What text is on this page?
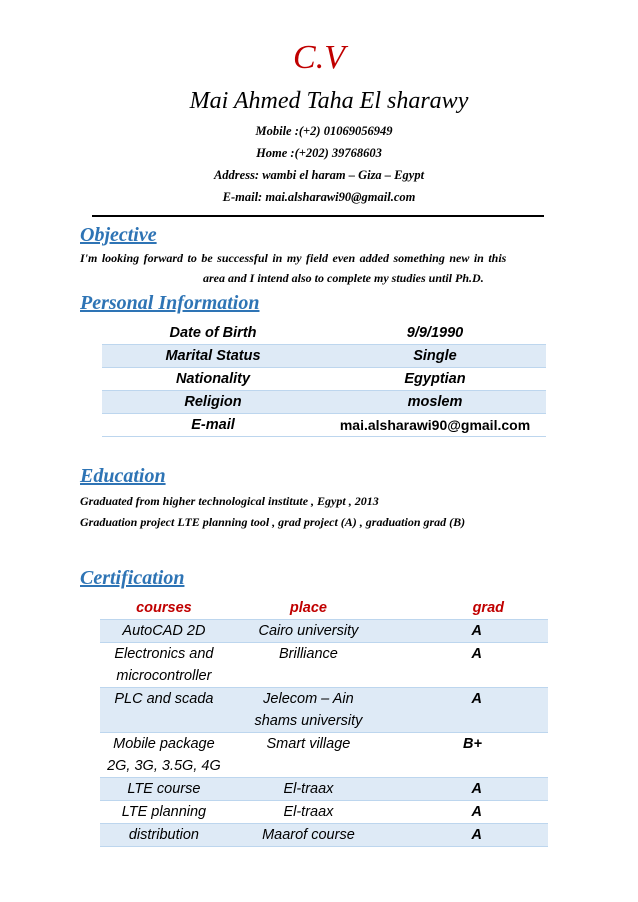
C.V
Mai Ahmed Taha El sharawy
Mobile :(+2) 01069056949
Home :(+202) 39768603
Address: wambi el haram – Giza – Egypt
E-mail: mai.alsharawi90@gmail.com
Objective
I'm looking forward to be successful in my field even added something new in this
area and I intend also to complete my studies until Ph.D.
Personal Information
Date of Birth	9/9/1990
Marital Status	Single
Nationality	Egyptian
Religion	moslem
E-mail	mai.alsharawi90@gmail.com
Education
Graduated from higher technological institute , Egypt , 2013
Graduation project LTE planning tool , grad project (A) , graduation grad (B)
Certification
courses	place	grad
AutoCAD 2D	Cairo university	A
Electronics and microcontroller	Brilliance	A
PLC and scada	Jelecom – Ain shams university	A
Mobile package 2G, 3G, 3.5G, 4G	Smart village	B+
LTE course	El-traax	A
LTE planning	El-traax	A
distribution	Maarof course	A
